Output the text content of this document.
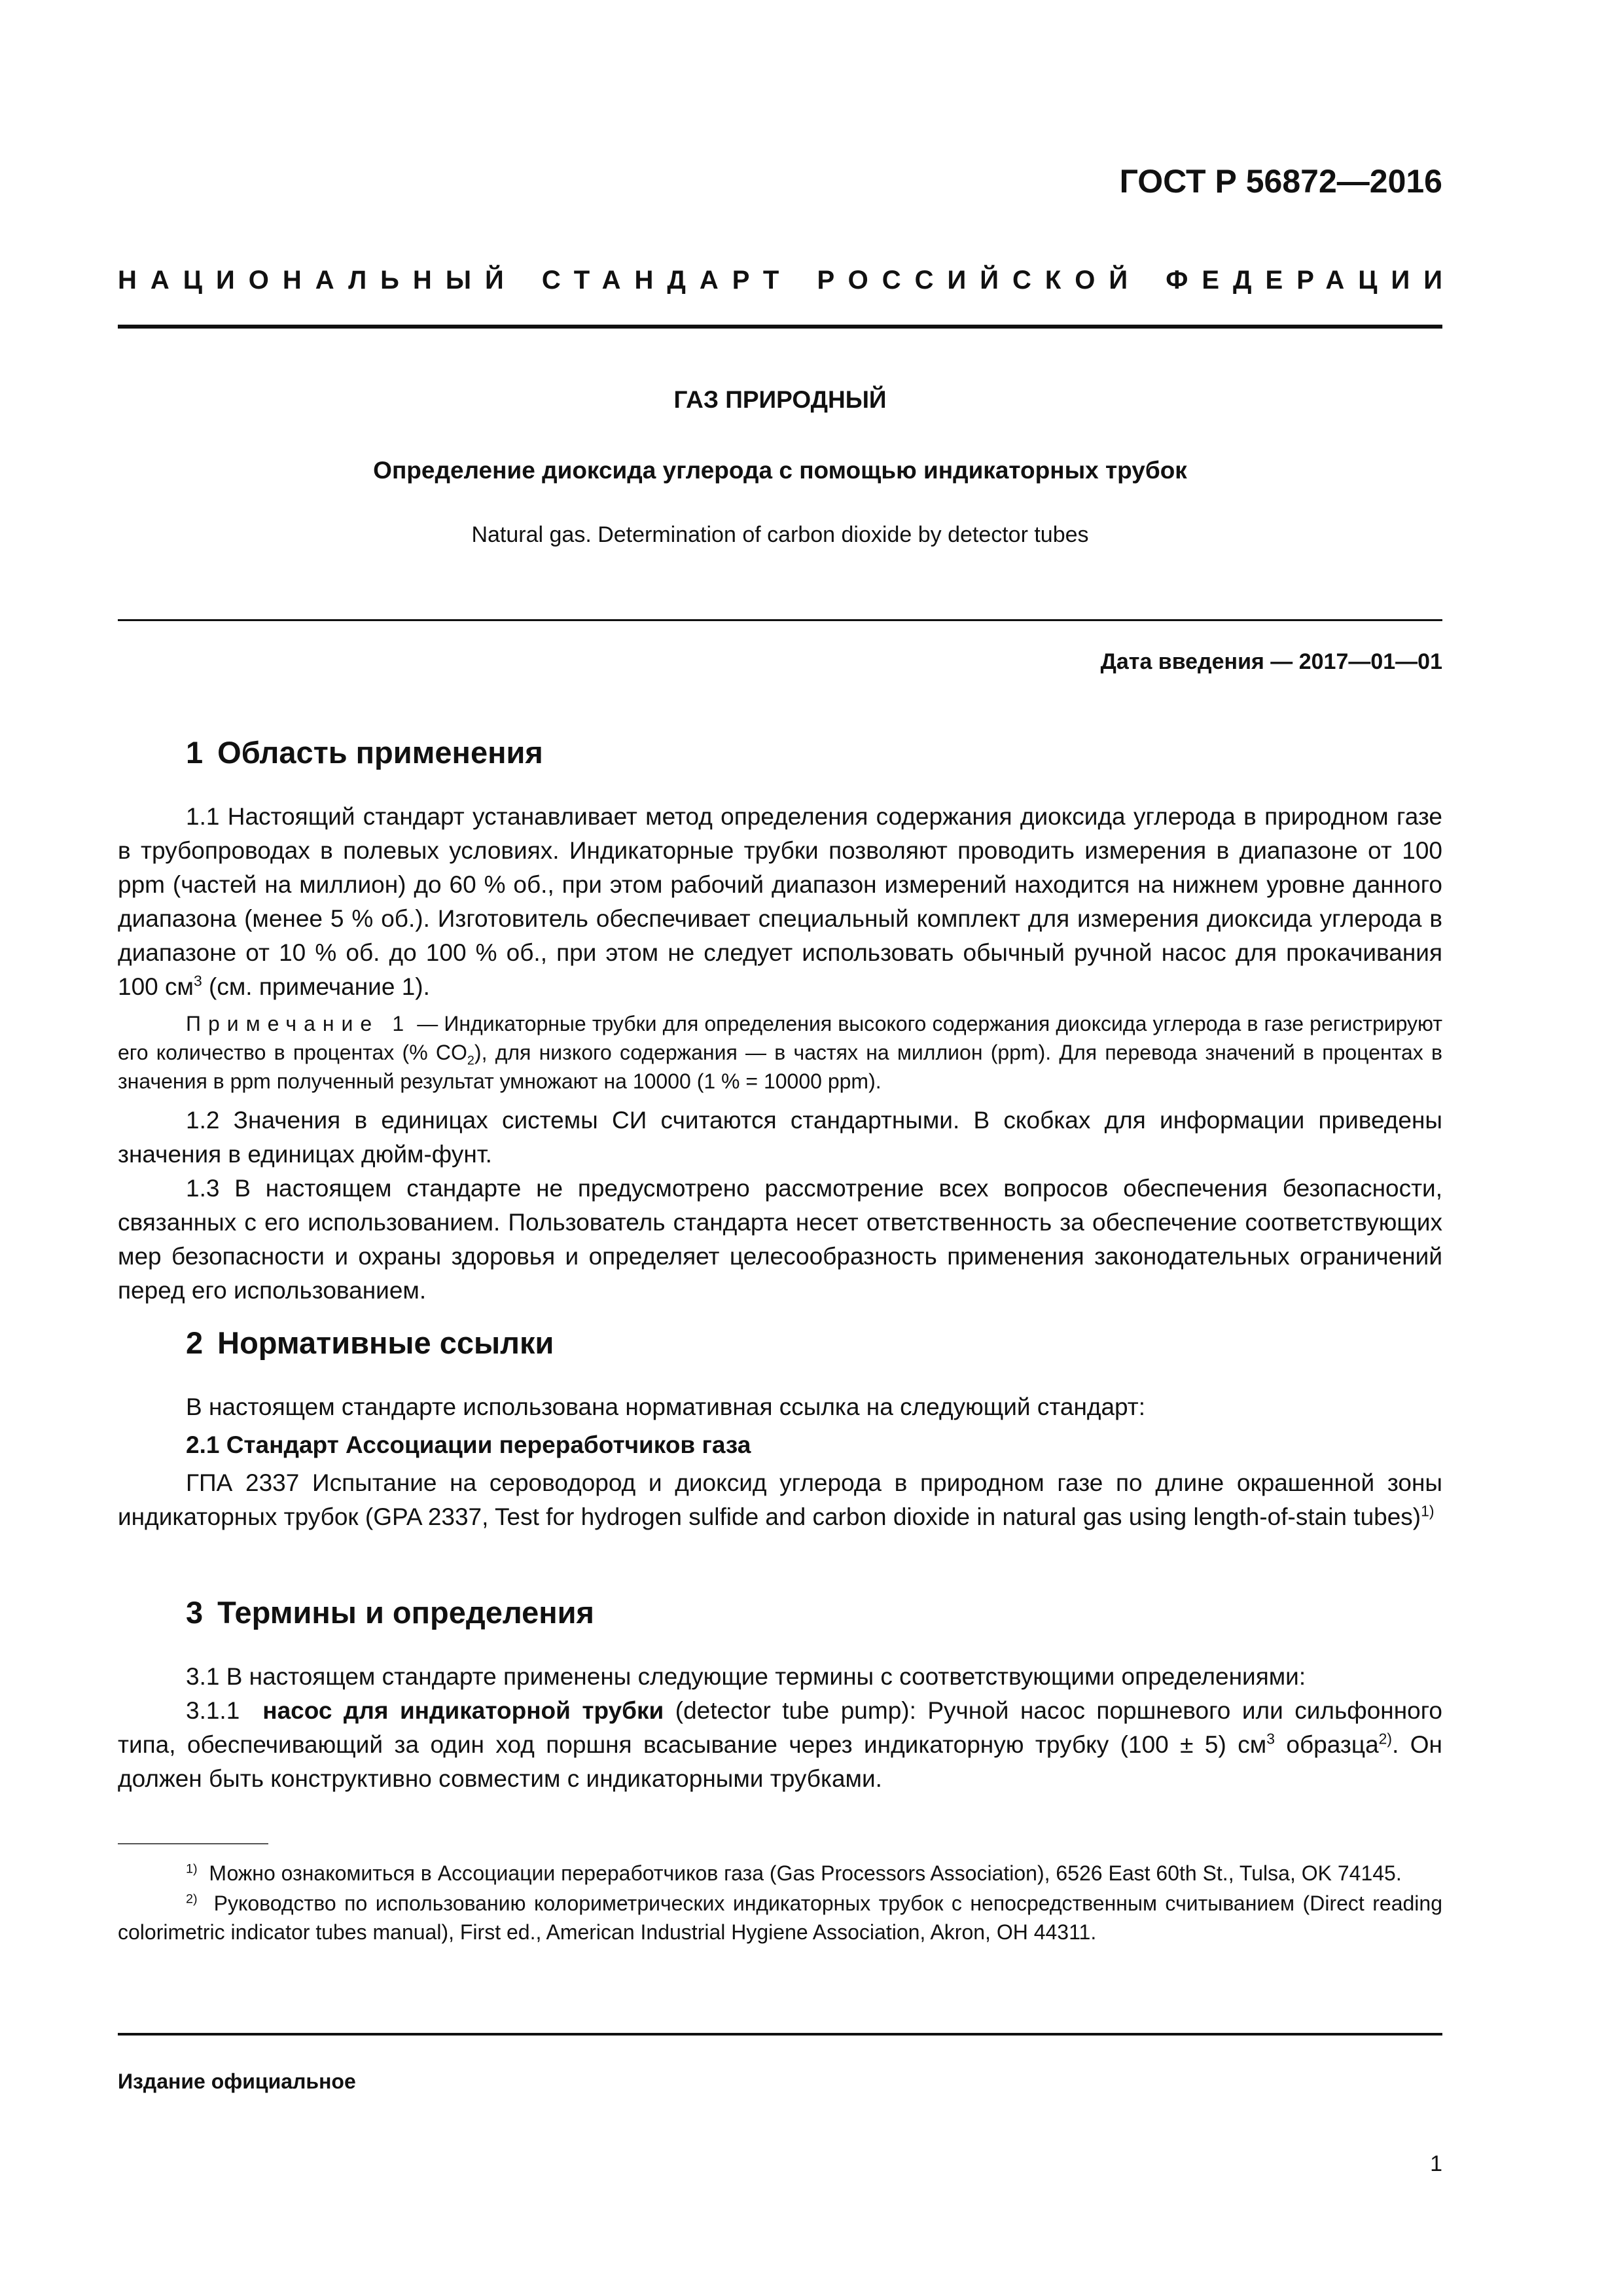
ГОСТ Р 56872—2016
НАЦИОНАЛЬНЫЙ СТАНДАРТ РОССИЙСКОЙ ФЕДЕРАЦИИ
ГАЗ ПРИРОДНЫЙ
Определение диоксида углерода с помощью индикаторных трубок
Natural gas. Determination of carbon dioxide by detector tubes
Дата введения — 2017—01—01
1 Область применения

1.1 Настоящий стандарт устанавливает метод определения содержания диоксида углерода в природном газе в трубопроводах в полевых условиях. Индикаторные трубки позволяют проводить измерения в диапазоне от 100 ppm (частей на миллион) до 60 % об., при этом рабочий диапазон измерений находится на нижнем уровне данного диапазона (менее 5 % об.). Изготовитель обеспечивает специальный комплект для измерения диоксида углерода в диапазоне от 10 % об. до 100 % об., при этом не следует использовать обычный ручной насос для прокачивания 100 $см^3$ (см. примечание 1).

Примечание 1 — Индикаторные трубки для определения высокого содержания диоксида углерода в газе регистрируют его количество в процентах (% $CO_2$), для низкого содержания — в частях на миллион (ppm). Для перевода значений в процентах в значения в ppm полученный результат умножают на 10000 (1 % = 10000 ppm).

1.2 Значения в единицах системы СИ считаются стандартными. В скобках для информации приведены значения в единицах дюйм-фунт.

1.3 В настоящем стандарте не предусмотрено рассмотрение всех вопросов обеспечения безопасности, связанных с его использованием. Пользователь стандарта несет ответственность за обеспечение соответствующих мер безопасности и охраны здоровья и определяет целесообразность применения законодательных ограничений перед его использованием.

2 Нормативные ссылки

В настоящем стандарте использована нормативная ссылка на следующий стандарт:

2.1 Стандарт Ассоциации переработчиков газа

ГПА 2337 Испытание на сероводород и диоксид углерода в природном газе по длине окрашенной зоны индикаторных трубок (GPA 2337, Test for hydrogen sulfide and carbon dioxide in natural gas using length-of-stain tubes)$^{1)}$

3 Термины и определения

3.1 В настоящем стандарте применены следующие термины с соответствующими определениями:

3.1.1 насос для индикаторной трубки (detector tube pump): Ручной насос поршневого или сильфонного типа, обеспечивающий за один ход поршня всасывание через индикаторную трубку (100 ± 5) $см^3$ образца$^{2)}$. Он должен быть конструктивно совместим с индикаторными трубками.

$^{1)}$ Можно ознакомиться в Ассоциации переработчиков газа (Gas Processors Association), 6526 East 60th St., Tulsa, OK 74145.

$^{2)}$ Руководство по использованию колориметрических индикаторных трубок с непосредственным считыванием (Direct reading colorimetric indicator tubes manual), First ed., American Industrial Hygiene Association, Akron, OH 44311.

Издание официальное
1
